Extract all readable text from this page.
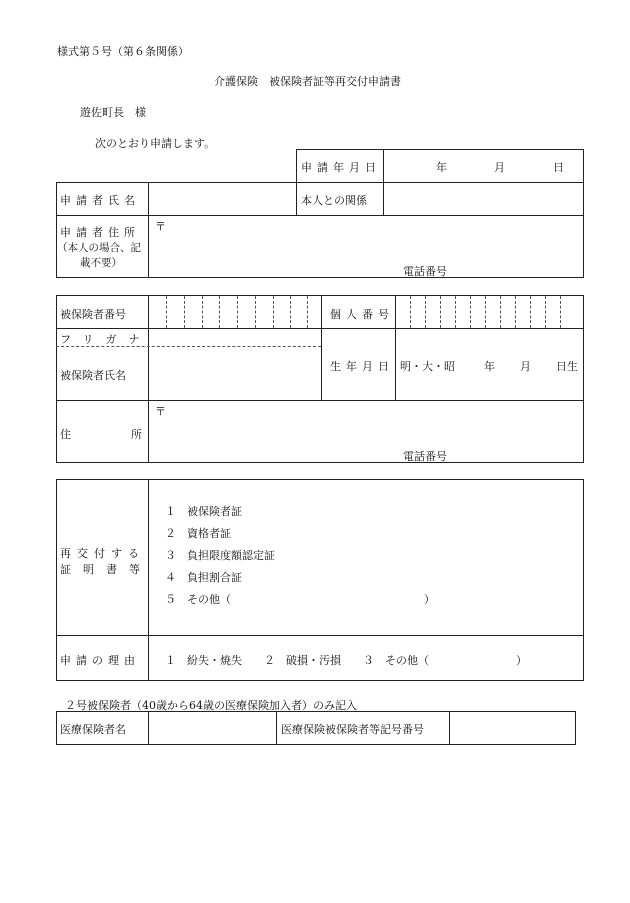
様式第５号（第６条関係）
介護保険　被保険者証等再交付申請書
遊佐町長　様
次のとおり申請します。
申請年月日	年	月	日
申請者氏名	本人との関係
申請者住所
（本人の場合、記
載不要）
〒
電話番号
被保険者番号	個人番号
フリガナ
被保険者氏名
生年月日 明・大・昭	年 月 日生
住所
〒
電話番号
再交付する
証明書等
１　被保険者証
２　資格者証
３　負担限度額認定証
４　負担割合証
５　その他（	）
申請の理由 １　紛失・焼失　　２　破損・汚損　　３　その他（	）
２号被保険者（40歳から64歳の医療保険加入者）のみ記入
医療保険者名	医療保険被保険者等記号番号
